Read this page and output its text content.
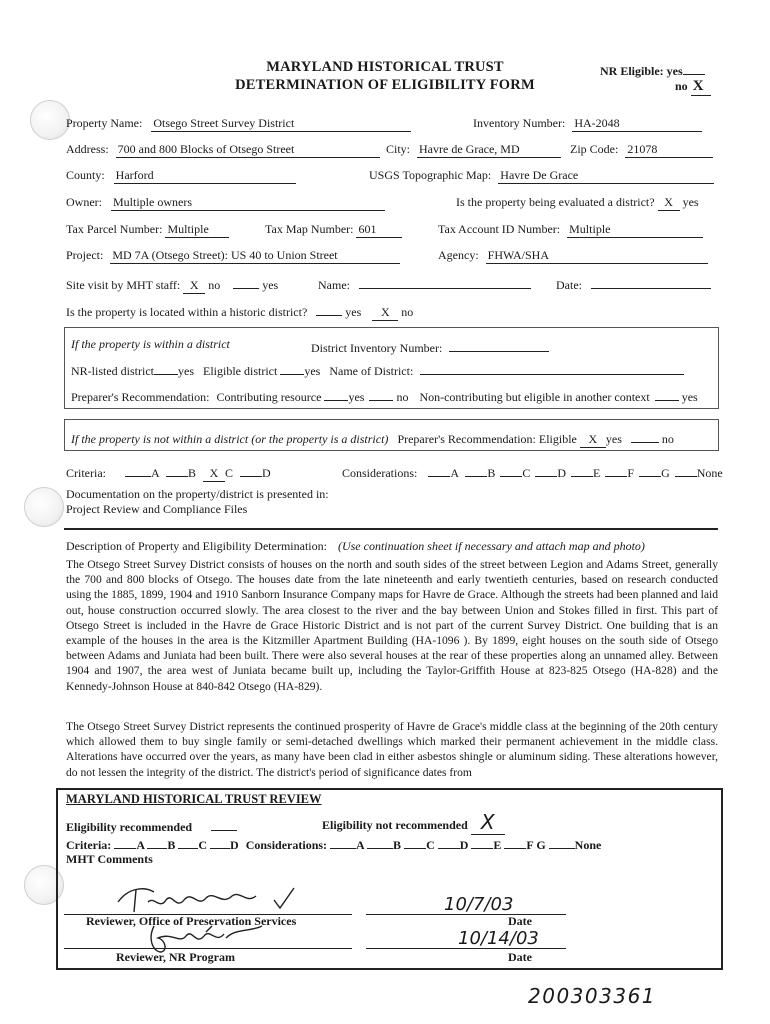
MARYLAND HISTORICAL TRUST
DETERMINATION OF ELIGIBILITY FORM
NR Eligible: yes
no X
Property Name: Otsego Street Survey District	Inventory Number: HA-2048
Address: 700 and 800 Blocks of Otsego Street	City: Havre de Grace, MD	Zip Code: 21078
County: Harford	USGS Topographic Map: Havre De Grace
Owner: Multiple owners	Is the property being evaluated a district? X yes
Tax Parcel Number: Multiple	Tax Map Number: 601	Tax Account ID Number: Multiple
Project: MD 7A (Otsego Street): US 40 to Union Street	Agency: FHWA/SHA
Site visit by MHT staff: X no	yes	Name:	Date:
Is the property is located within a historic district?	yes X no
If the property is within a district	District Inventory Number:
NR-listed district yes Eligible district yes Name of District:
Preparer's Recommendation: Contributing resource yes	no Non-contributing but eligible in another context	yes
If the property is not within a district (or the property is a district) Preparer's Recommendation: Eligible X yes	no
Criteria:	A B X C D	Considerations:	A B C D E F G None
Documentation on the property/district is presented in:
Project Review and Compliance Files
Description of Property and Eligibility Determination: (Use continuation sheet if necessary and attach map and photo)
The Otsego Street Survey District consists of houses on the north and south sides of the street between Legion and Adams Street, generally the 700 and 800 blocks of Otsego. The houses date from the late nineteenth and early twentieth centuries, based on research conducted using the 1885, 1899, 1904 and 1910 Sanborn Insurance Company maps for Havre de Grace. Although the streets had been planned and laid out, house construction occurred slowly. The area closest to the river and the bay between Union and Stokes filled in first. This part of Otsego Street is included in the Havre de Grace Historic District and is not part of the current Survey District. One building that is an example of the houses in the area is the Kitzmiller Apartment Building (HA-1096 ). By 1899, eight houses on the south side of Otsego between Adams and Juniata had been built. There were also several houses at the rear of these properties along an unnamed alley. Between 1904 and 1907, the area west of Juniata became built up, including the Taylor-Griffith House at 823-825 Otsego (HA-828) and the Kennedy-Johnson House at 840-842 Otsego (HA-829).
The Otsego Street Survey District represents the continued prosperity of Havre de Grace's middle class at the beginning of the 20th century which allowed them to buy single family or semi-detached dwellings which marked their permanent achievement in the middle class. Alterations have occurred over the years, as many have been clad in either asbestos shingle or aluminum siding. These alterations however, do not lessen the integrity of the district. The district's period of significance dates from
MARYLAND HISTORICAL TRUST REVIEW
Eligibility recommended	Eligibility not recommended X
Criteria: A B C D Considerations: A B C D E F G None
MHT Comments
Reviewer, Office of Preservation Services
10/7/03
Date
Reviewer, NR Program
10/14/03
Date
200303361
